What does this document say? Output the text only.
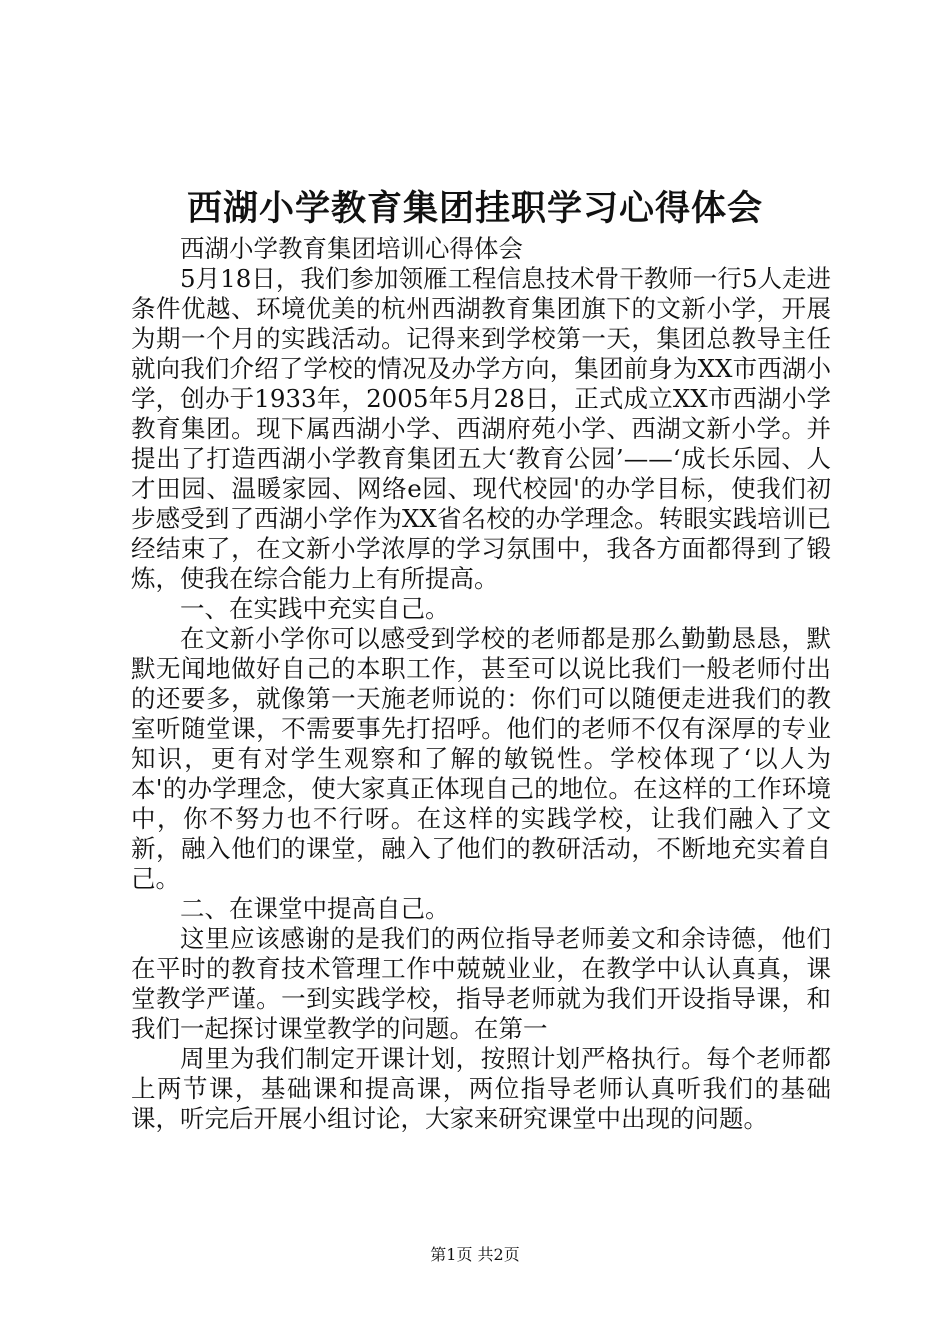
西湖小学教育集团挂职学习心得体会

西湖小学教育集团培训心得体会

5月18日，我们参加领雁工程信息技术骨干教师一行5人走进条件优越、环境优美的杭州西湖教育集团旗下的文新小学，开展为期一个月的实践活动。记得来到学校第一天，集团总教导主任就向我们介绍了学校的情况及办学方向，集团前身为XX市西湖小学，创办于1933年，2005年5月28日，正式成立XX市西湖小学教育集团。现下属西湖小学、西湖府苑小学、西湖文新小学。并提出了打造西湖小学教育集团五大‘教育公园’——‘成长乐园、人才田园、温暖家园、网络e园、现代校园'的办学目标，使我们初步感受到了西湖小学作为XX省名校的办学理念。转眼实践培训已经结束了，在文新小学浓厚的学习氛围中，我各方面都得到了锻炼，使我在综合能力上有所提高。

一、在实践中充实自己。

在文新小学你可以感受到学校的老师都是那么勤勤恳恳，默默无闻地做好自己的本职工作，甚至可以说比我们一般老师付出的还要多，就像第一天施老师说的：你们可以随便走进我们的教室听随堂课，不需要事先打招呼。他们的老师不仅有深厚的专业知识，更有对学生观察和了解的敏锐性。学校体现了‘以人为本'的办学理念，使大家真正体现自己的地位。在这样的工作环境中，你不努力也不行呀。在这样的实践学校，让我们融入了文新，融入他们的课堂，融入了他们的教研活动，不断地充实着自己。

二、在课堂中提高自己。

这里应该感谢的是我们的两位指导老师姜文和余诗德，他们在平时的教育技术管理工作中兢兢业业，在教学中认认真真，课堂教学严谨。一到实践学校，指导老师就为我们开设指导课，和我们一起探讨课堂教学的问题。在第一

周里为我们制定开课计划，按照计划严格执行。每个老师都上两节课，基础课和提高课，两位指导老师认真听我们的基础课，听完后开展小组讨论，大家来研究课堂中出现的问题。

第1页 共2页
